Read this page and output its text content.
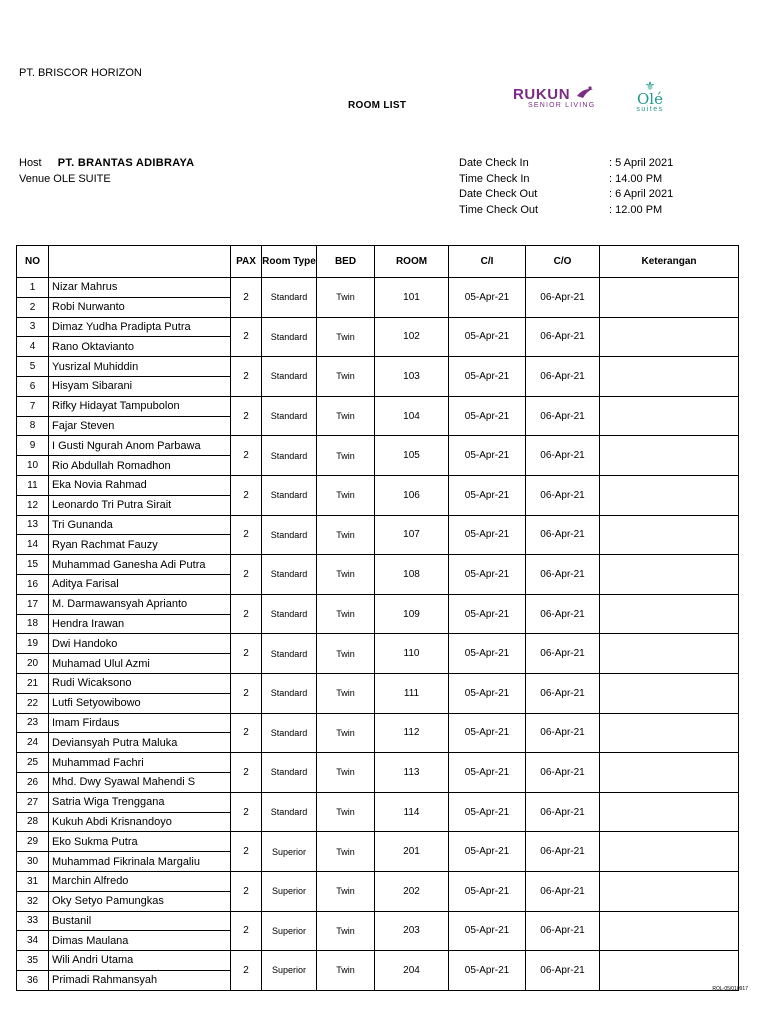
PT. BRISCOR HORIZON
ROOM LIST
RUKUN
SENIOR LIVING
⚜
Olé
suites
Host PT. BRANTAS ADIBRAYA
Venue OLE SUITE
Date Check In	: 5 April 2021
Time Check In	: 14.00 PM
Date Check Out	: 6 April 2021
Time Check Out	: 12.00 PM
NO		PAX	Room Type	BED	ROOM	C/I	C/O	Keterangan
1	Nizar Mahrus	2	Standard	Twin	101	05-Apr-21	06-Apr-21	
2	Robi Nurwanto							
3	Dimaz Yudha Pradipta Putra	2	Standard	Twin	102	05-Apr-21	06-Apr-21	
4	Rano Oktavianto							
5	Yusrizal Muhiddin	2	Standard	Twin	103	05-Apr-21	06-Apr-21	
6	Hisyam Sibarani							
7	Rifky Hidayat Tampubolon	2	Standard	Twin	104	05-Apr-21	06-Apr-21	
8	Fajar Steven							
9	I Gusti Ngurah Anom Parbawa	2	Standard	Twin	105	05-Apr-21	06-Apr-21	
10	Rio Abdullah Romadhon							
11	Eka Novia Rahmad	2	Standard	Twin	106	05-Apr-21	06-Apr-21	
12	Leonardo Tri Putra Sirait							
13	Tri Gunanda	2	Standard	Twin	107	05-Apr-21	06-Apr-21	
14	Ryan Rachmat Fauzy							
15	Muhammad Ganesha Adi Putra	2	Standard	Twin	108	05-Apr-21	06-Apr-21	
16	Aditya Farisal							
17	M. Darmawansyah Aprianto	2	Standard	Twin	109	05-Apr-21	06-Apr-21	
18	Hendra Irawan							
19	Dwi Handoko	2	Standard	Twin	110	05-Apr-21	06-Apr-21	
20	Muhamad Ulul Azmi							
21	Rudi Wicaksono	2	Standard	Twin	111	05-Apr-21	06-Apr-21	
22	Lutfi Setyowibowo							
23	Imam Firdaus	2	Standard	Twin	112	05-Apr-21	06-Apr-21	
24	Deviansyah Putra Maluka							
25	Muhammad Fachri	2	Standard	Twin	113	05-Apr-21	06-Apr-21	
26	Mhd. Dwy Syawal Mahendi S							
27	Satria Wiga Trenggana	2	Standard	Twin	114	05-Apr-21	06-Apr-21	
28	Kukuh Abdi Krisnandoyo							
29	Eko Sukma Putra	2	Superior	Twin	201	05-Apr-21	06-Apr-21	
30	Muhammad Fikrinala Margaliu							
31	Marchin Alfredo	2	Superior	Twin	202	05-Apr-21	06-Apr-21	
32	Oky Setyo Pamungkas							
33	Bustanil	2	Superior	Twin	203	05-Apr-21	06-Apr-21	
34	Dimas Maulana							
35	Wili Andri Utama	2	Superior	Twin	204	05-Apr-21	06-Apr-21	
36	Primadi Rahmansyah							
ROL-05/010917
